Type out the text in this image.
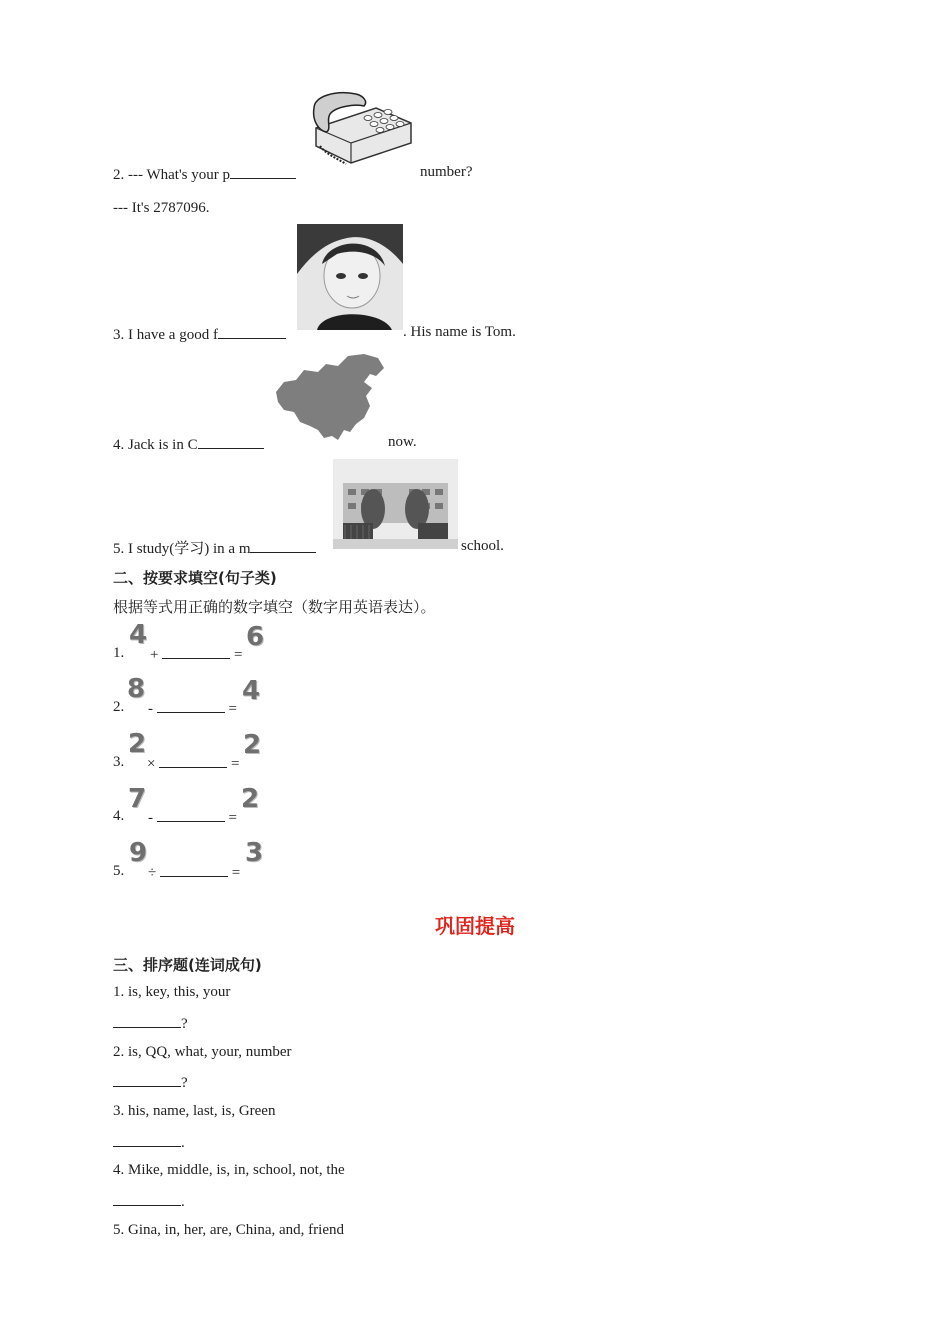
2. --- What's your p	number?
--- It's 2787096.
3. I have a good f	. His name is Tom.
4. Jack is in C	now.
5. I study(学习) in a m	school.
二、按要求填空(句子类)
根据等式用正确的数字填空（数字用英语表达）。
1.
4
+	=
6
2.
8
-	=
4
3.
2
×	=
2
4.
7
-	=
2
5.
9
÷	=
3
巩固提高
三、排序题(连词成句)
1. is, key, this, your
?
2. is, QQ, what, your, number
?
3. his, name, last, is, Green
.
4. Mike, middle, is, in, school, not, the
.
5. Gina, in, her, are, China, and, friend
